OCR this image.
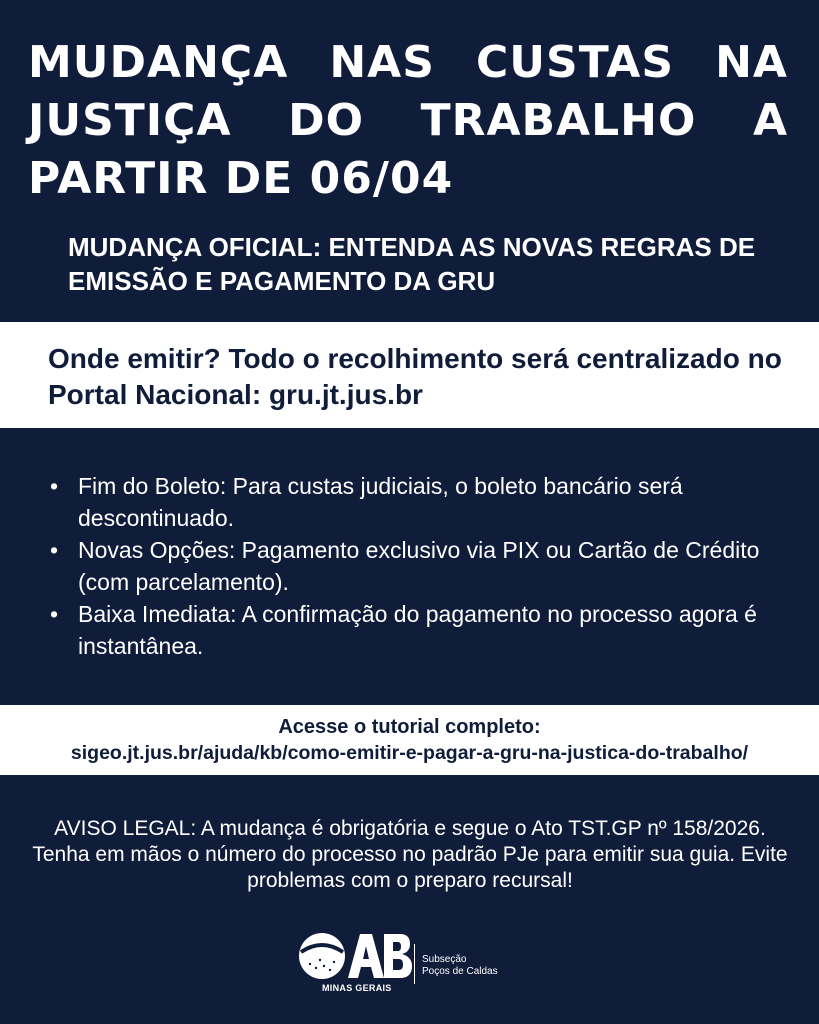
MUDANÇA NAS CUSTAS NA JUSTIÇA DO TRABALHO A PARTIR DE 06/04

MUDANÇA OFICIAL: ENTENDA AS NOVAS REGRAS DE EMISSÃO E PAGAMENTO DA GRU

Onde emitir? Todo o recolhimento será centralizado no Portal Nacional: gru.jt.jus.br
• Fim do Boleto: Para custas judiciais, o boleto bancário será descontinuado.
• Novas Opções: Pagamento exclusivo via PIX ou Cartão de Crédito (com parcelamento).
• Baixa Imediata: A confirmação do pagamento no processo agora é instantânea.
Acesse o tutorial completo:
sigeo.jt.jus.br/ajuda/kb/como-emitir-e-pagar-a-gru-na-justica-do-trabalho/

AVISO LEGAL: A mudança é obrigatória e segue o Ato TST.GP nº 158/2026. Tenha em mãos o número do processo no padrão PJe para emitir sua guia. Evite problemas com o preparo recursal!

MINAS GERAIS
Subseção
Poços de Caldas
